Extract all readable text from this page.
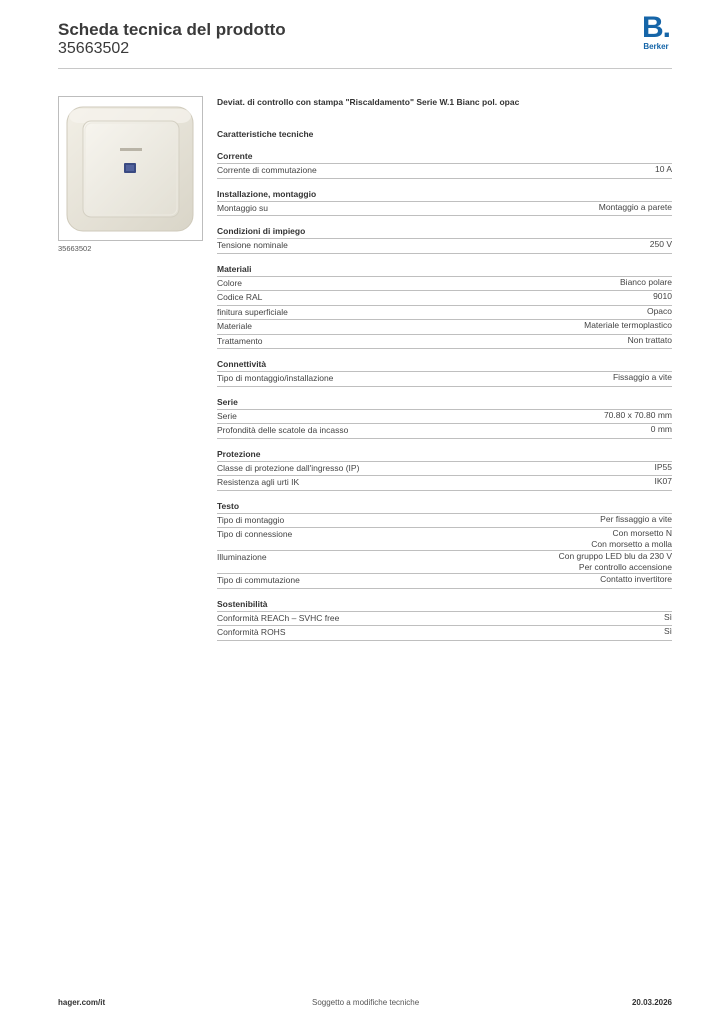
Scheda tecnica del prodotto
35663502
B.
Berker
35663502
Deviat. di controllo con stampa "Riscaldamento" Serie W.1 Bianc pol. opac
Caratteristiche tecniche
Corrente
Corrente di commutazione	10 A
Installazione, montaggio
Montaggio su	Montaggio a parete
Condizioni di impiego
Tensione nominale	250 V
Materiali
Colore	Bianco polare
Codice RAL	9010
finitura superficiale	Opaco
Materiale	Materiale termoplastico
Trattamento	Non trattato
Connettività
Tipo di montaggio/installazione	Fissaggio a vite
Serie
Serie	70.80 x 70.80 mm
Profondità delle scatole da incasso	0 mm
Protezione
Classe di protezione dall'ingresso (IP)	IP55
Resistenza agli urti IK	IK07
Testo
Tipo di montaggio	Per fissaggio a vite
Tipo di connessione	Con morsetto N
Con morsetto a molla
Illuminazione	Con gruppo LED blu da 230 V
Per controllo accensione
Tipo di commutazione	Contatto invertitore
Sostenibilità
Conformità REACh – SVHC free	Sì
Conformità ROHS	Sì
hager.com/it	Soggetto a modifiche tecniche	20.03.2026
